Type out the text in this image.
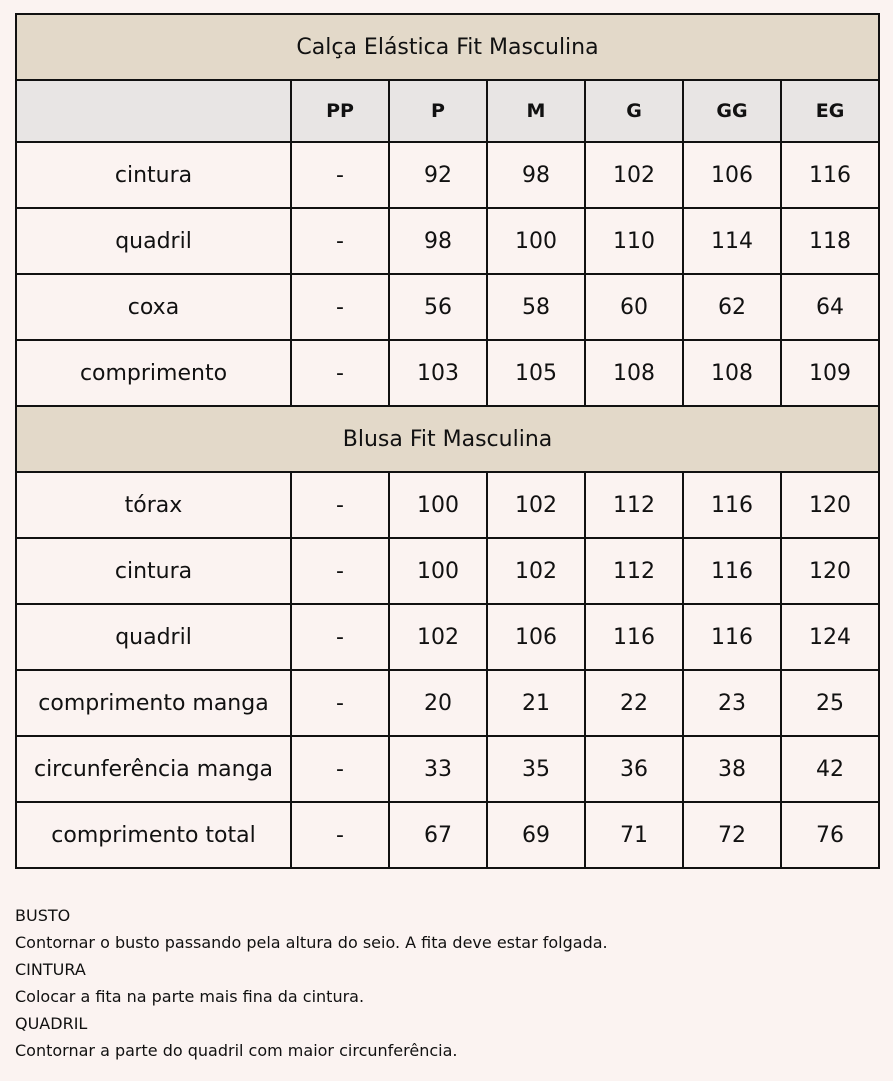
Calça Elástica Fit Masculina						
	PP	P	M	G	GG	EG
cintura	-	92	98	102	106	116
quadril	-	98	100	110	114	118
coxa	-	56	58	60	62	64
comprimento	-	103	105	108	108	109
Blusa Fit Masculina						
tórax	-	100	102	112	116	120
cintura	-	100	102	112	116	120
quadril	-	102	106	116	116	124
comprimento manga	-	20	21	22	23	25
circunferência manga	-	33	35	36	38	42
comprimento total	-	67	69	71	72	76
BUSTO
Contornar o busto passando pela altura do seio. A fita deve estar folgada.
CINTURA
Colocar a fita na parte mais fina da cintura.
QUADRIL
Contornar a parte do quadril com maior circunferência.
